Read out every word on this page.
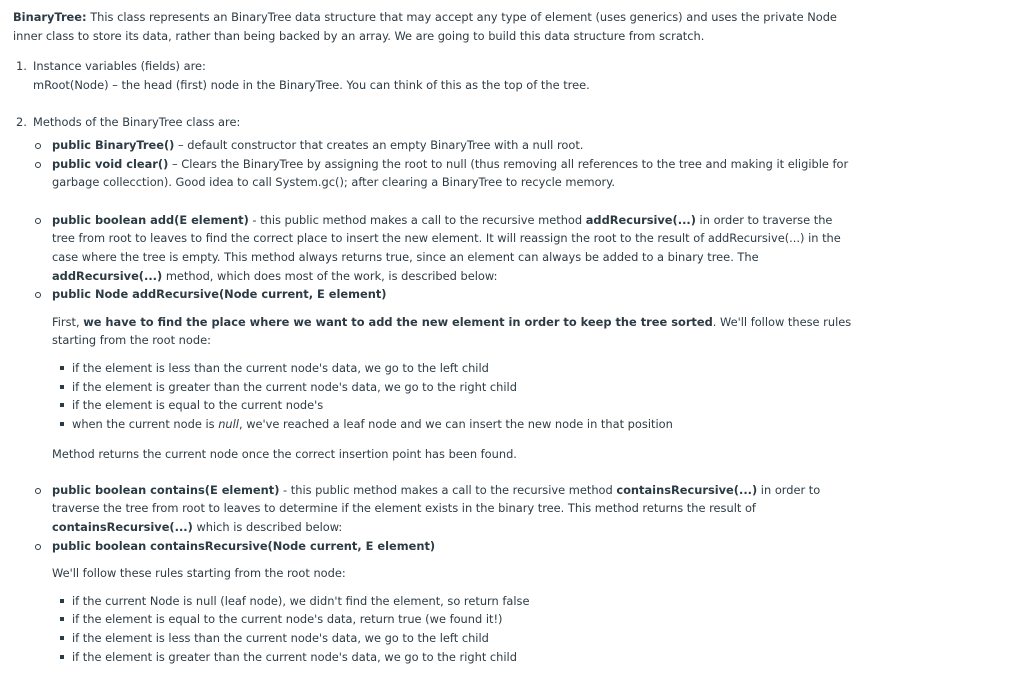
BinaryTree: This class represents an BinaryTree data structure that may accept any type of element (uses generics) and uses the private Node inner class to store its data, rather than being backed by an array. We are going to build this data structure from scratch.

1. Instance variables (fields) are:

mRoot(Node) – the head (first) node in the BinaryTree. You can think of this as the top of the tree.

2. Methods of the BinaryTree class are:

public BinaryTree() – default constructor that creates an empty BinaryTree with a null root.
public void clear() – Clears the BinaryTree by assigning the root to null (thus removing all references to the tree and making it eligible for garbage collecction). Good idea to call System.gc(); after clearing a BinaryTree to recycle memory.
public boolean add(E element) - this public method makes a call to the recursive method addRecursive(...) in order to traverse the tree from root to leaves to find the correct place to insert the new element. It will reassign the root to the result of addRecursive(...) in the case where the tree is empty. This method always returns true, since an element can always be added to a binary tree. The addRecursive(...) method, which does most of the work, is described below:
public Node addRecursive(Node current, E element)

First, we have to find the place where we want to add the new element in order to keep the tree sorted. We'll follow these rules starting from the root node:

if the element is less than the current node's data, we go to the left child
if the element is greater than the current node's data, we go to the right child
if the element is equal to the current node's
when the current node is null, we've reached a leaf node and we can insert the new node in that position

Method returns the current node once the correct insertion point has been found.

public boolean contains(E element) - this public method makes a call to the recursive method containsRecursive(...) in order to traverse the tree from root to leaves to determine if the element exists in the binary tree. This method returns the result of containsRecursive(...) which is described below:
public boolean containsRecursive(Node current, E element)

We'll follow these rules starting from the root node:

if the current Node is null (leaf node), we didn't find the element, so return false
if the element is equal to the current node's data, return true (we found it!)
if the element is less than the current node's data, we go to the left child
if the element is greater than the current node's data, we go to the right child
